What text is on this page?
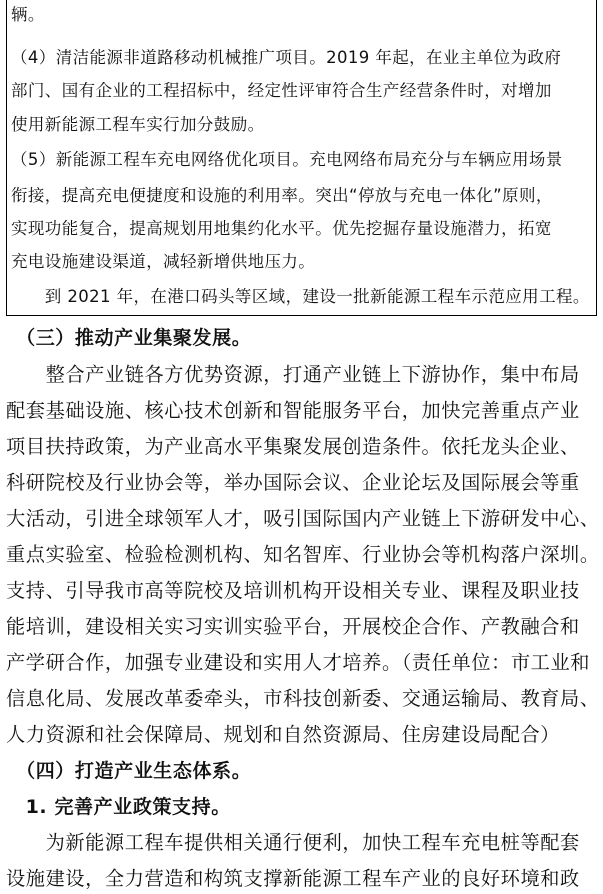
辆。
（4）清洁能源非道路移动机械推广项目。2019 年起，在业主单位为政府
部门、国有企业的工程招标中，经定性评审符合生产经营条件时，对增加
使用新能源工程车实行加分鼓励。
（5）新能源工程车充电网络优化项目。充电网络布局充分与车辆应用场景
衔接，提高充电便捷度和设施的利用率。突出“停放与充电一体化”原则，
实现功能复合，提高规划用地集约化水平。优先挖掘存量设施潜力，拓宽
充电设施建设渠道，减轻新增供地压力。
　　到 2021 年，在港口码头等区域，建设一批新能源工程车示范应用工程。
　（三）推动产业集聚发展。
　　整合产业链各方优势资源，打通产业链上下游协作，集中布局
配套基础设施、核心技术创新和智能服务平台，加快完善重点产业
项目扶持政策，为产业高水平集聚发展创造条件。依托龙头企业、
科研院校及行业协会等，举办国际会议、企业论坛及国际展会等重
大活动，引进全球领军人才，吸引国际国内产业链上下游研发中心、
重点实验室、检验检测机构、知名智库、行业协会等机构落户深圳。
支持、引导我市高等院校及培训机构开设相关专业、课程及职业技
能培训，建设相关实习实训实验平台，开展校企合作、产教融合和
产学研合作，加强专业建设和实用人才培养。（责任单位：市工业和
信息化局、发展改革委牵头，市科技创新委、交通运输局、教育局、
人力资源和社会保障局、规划和自然资源局、住房建设局配合）
　（四）打造产业生态体系。
　1. 完善产业政策支持。
　　为新能源工程车提供相关通行便利，加快工程车充电桩等配套
设施建设，全力营造和构筑支撑新能源工程车产业的良好环境和政
